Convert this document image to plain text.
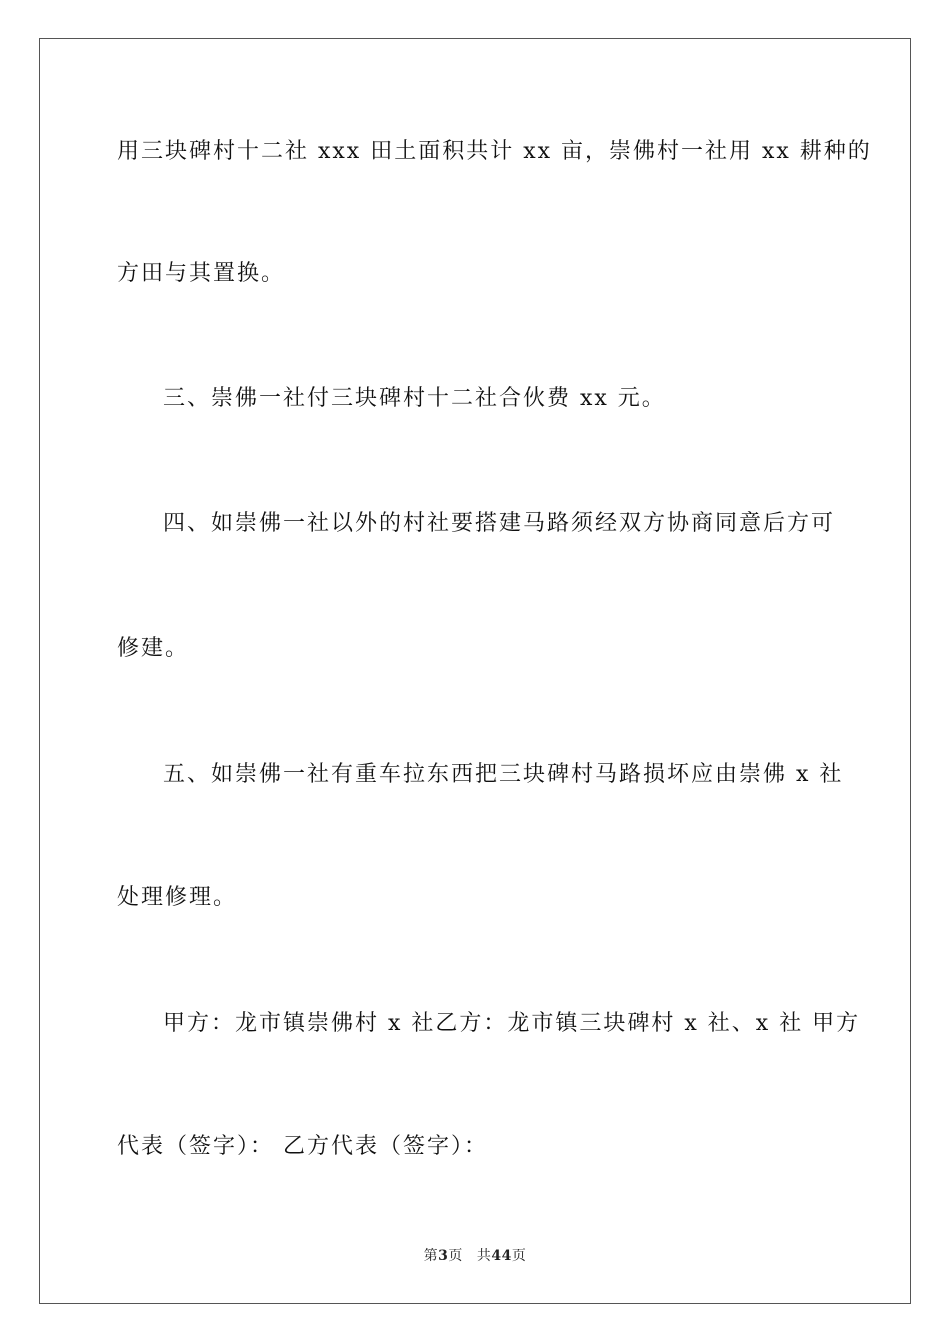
用三块碑村十二社 xxx 田土面积共计 xx 亩，崇佛村一社用 xx 耕种的
方田与其置换。
三、崇佛一社付三块碑村十二社合伙费 xx 元。
四、如崇佛一社以外的村社要搭建马路须经双方协商同意后方可
修建。
五、如崇佛一社有重车拉东西把三块碑村马路损坏应由崇佛 x 社
处理修理。
甲方：龙市镇崇佛村 x 社乙方：龙市镇三块碑村 x 社、x 社 甲方
代表（签字）： 乙方代表（签字）：
第3页 共44页
